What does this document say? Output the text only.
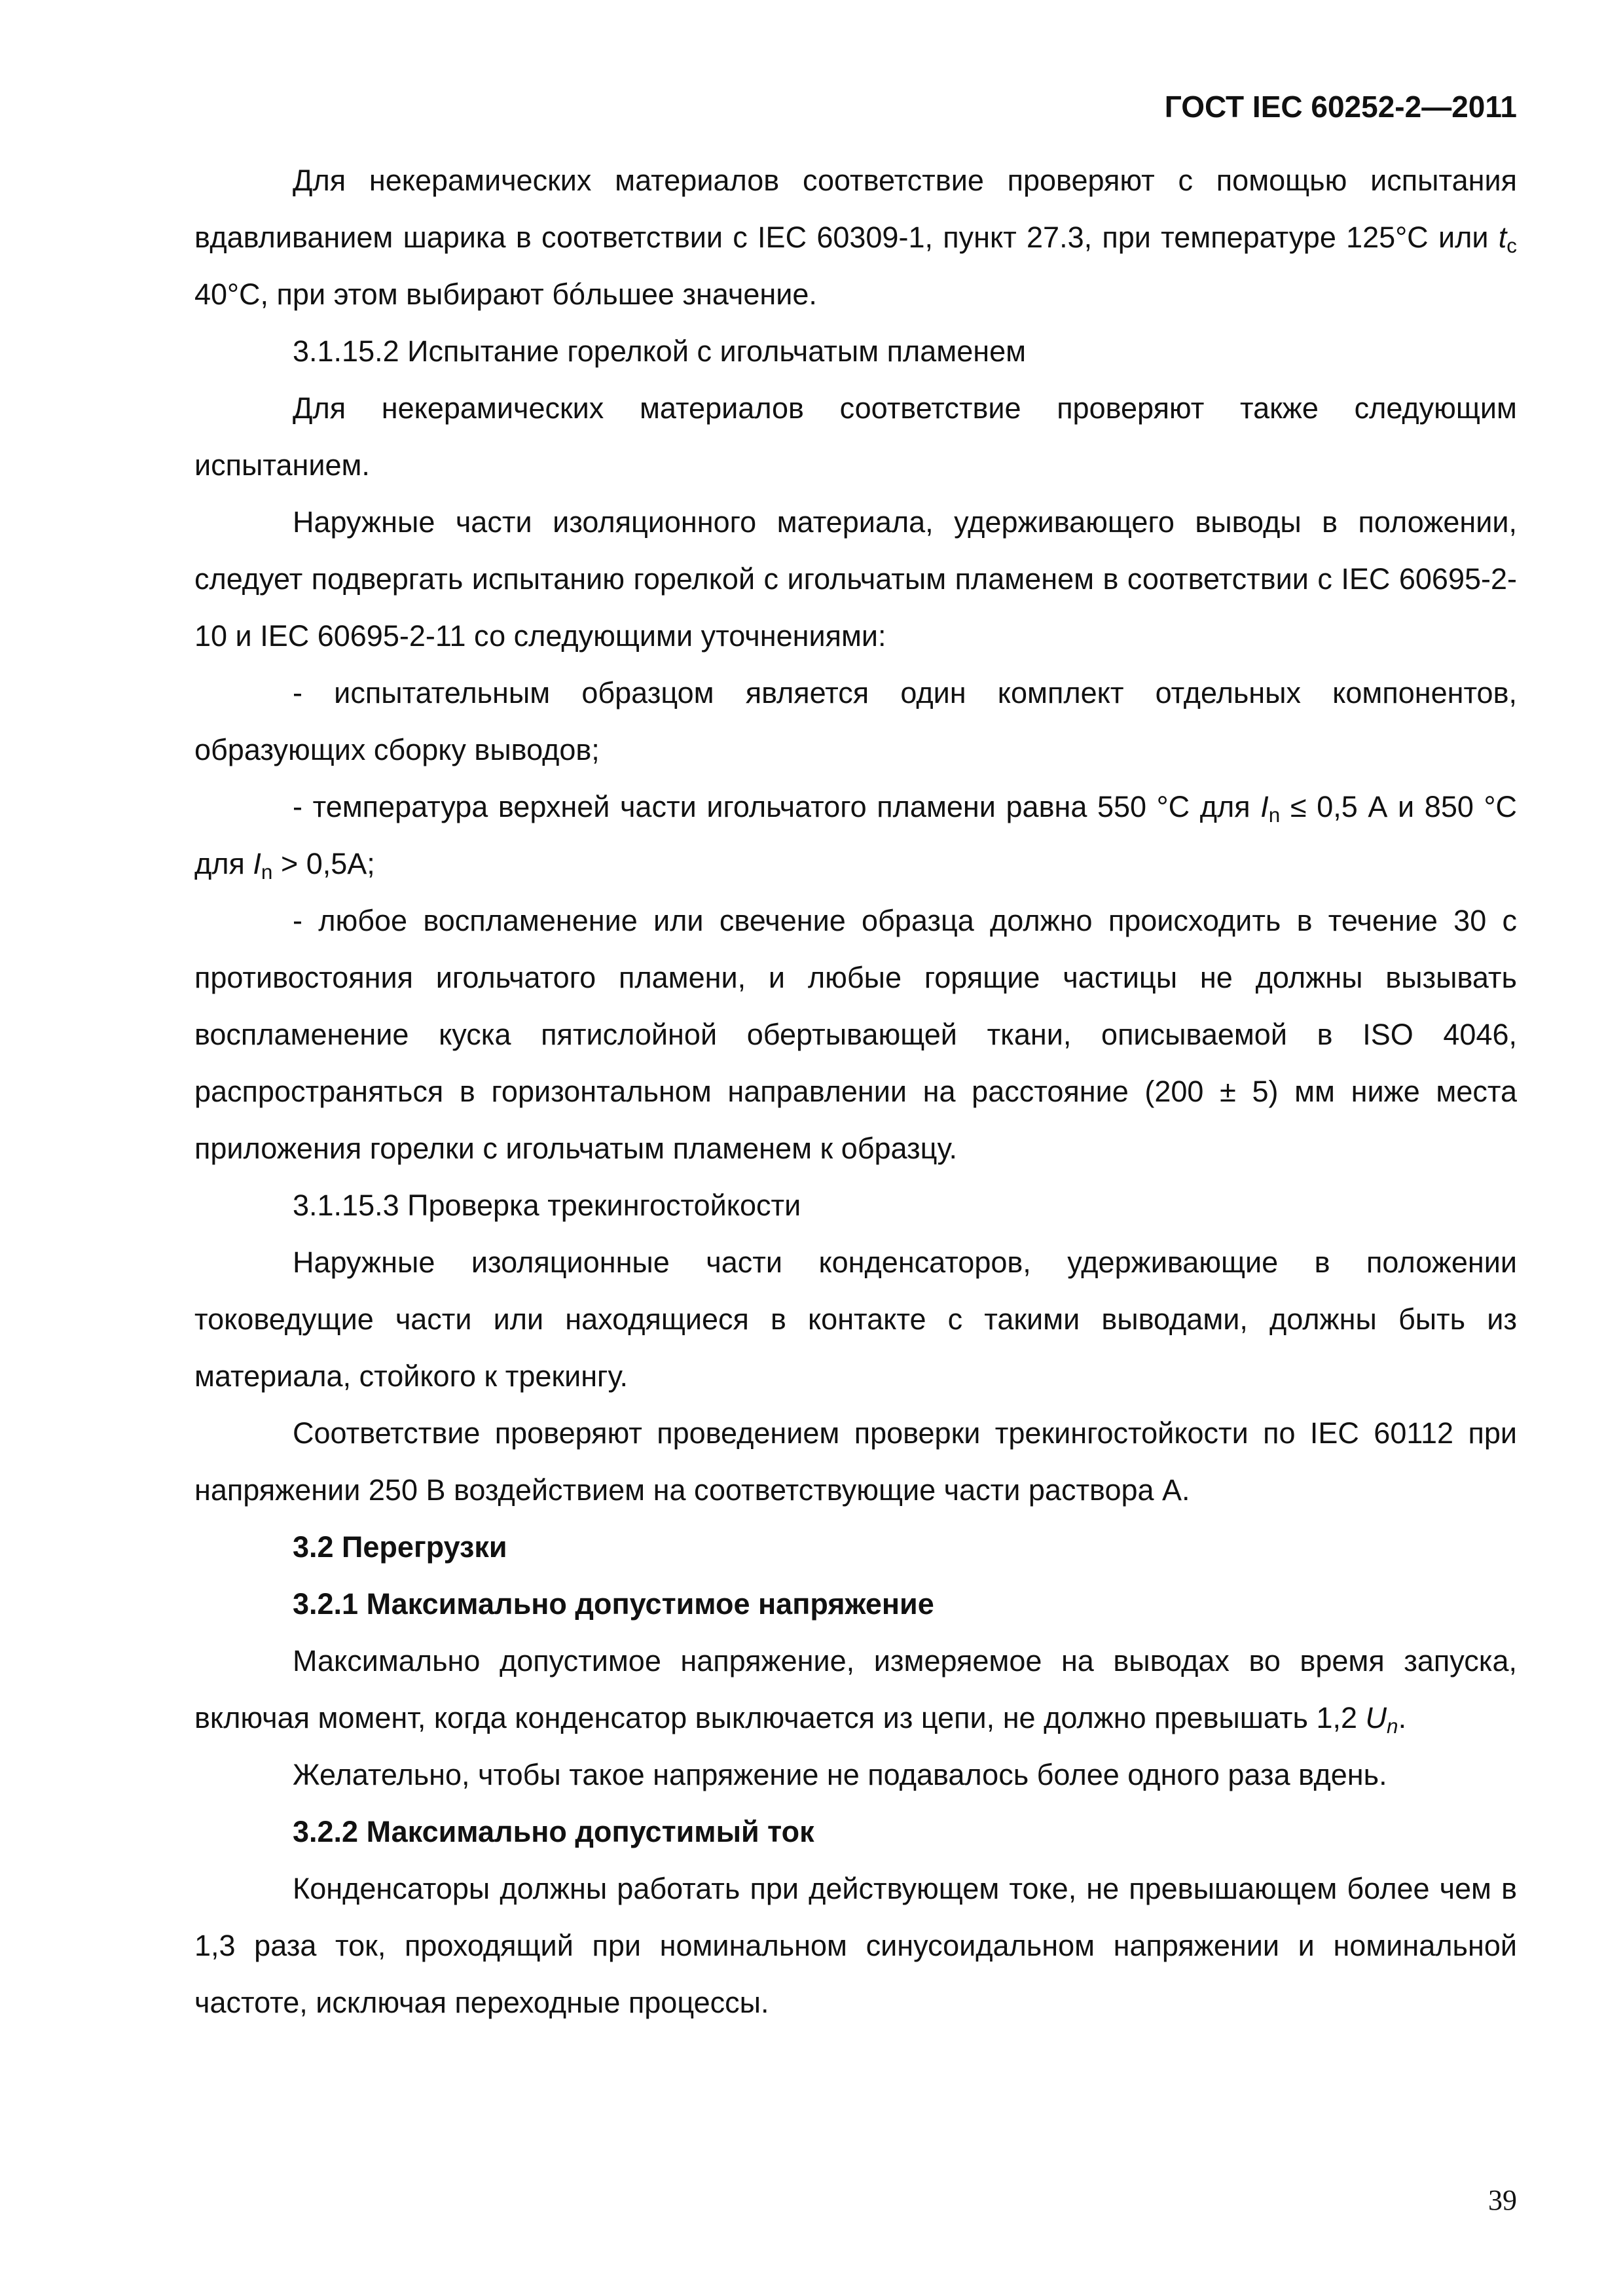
ГОСТ IEC 60252-2—2011

Для некерамических материалов соответствие проверяют с помощью испытания вдавливанием шарика в соответствии с IEC 60309-1, пункт 27.3, при температуре 125°С или $t_c$ 40°С, при этом выбирают бóльшее значение.

3.1.15.2 Испытание горелкой с игольчатым пламенем

Для некерамических материалов соответствие проверяют также следующим испытанием.

Наружные части изоляционного материала, удерживающего выводы в положении, следует подвергать испытанию горелкой с игольчатым пламенем в соответствии с IEC 60695-2-10 и IEC 60695-2-11 со следующими уточнениями:

- испытательным образцом является один комплект отдельных компонентов, образующих сборку выводов;

- температура верхней части игольчатого пламени равна 550 °С для $I_n \le 0,5$ А и 850 °С для $I_n > 0,5А$;

- любое воспламенение или свечение образца должно происходить в течение 30 с противостояния игольчатого пламени, и любые горящие частицы не должны вызывать воспламенение куска пятислойной обертывающей ткани, описываемой в ISO 4046, распространяться в горизонтальном направлении на расстояние (200 ± 5) мм ниже места приложения горелки с игольчатым пламенем к образцу.

3.1.15.3 Проверка трекингостойкости

Наружные изоляционные части конденсаторов, удерживающие в положении токоведущие части или находящиеся в контакте с такими выводами, должны быть из материала, стойкого к трекингу.

Соответствие проверяют проведением проверки трекингостойкости по IEC 60112 при напряжении 250 В воздействием на соответствующие части раствора А.

3.2 Перегрузки

3.2.1 Максимально допустимое напряжение

Максимально допустимое напряжение, измеряемое на выводах во время запуска, включая момент, когда конденсатор выключается из цепи, не должно превышать 1,2 $U_n$.

Желательно, чтобы такое напряжение не подавалось более одного раза вдень.

3.2.2 Максимально допустимый ток

Конденсаторы должны работать при действующем токе, не превышающем более чем в 1,3 раза ток, проходящий при номинальном синусоидальном напряжении и номинальной частоте, исключая переходные процессы.

39
